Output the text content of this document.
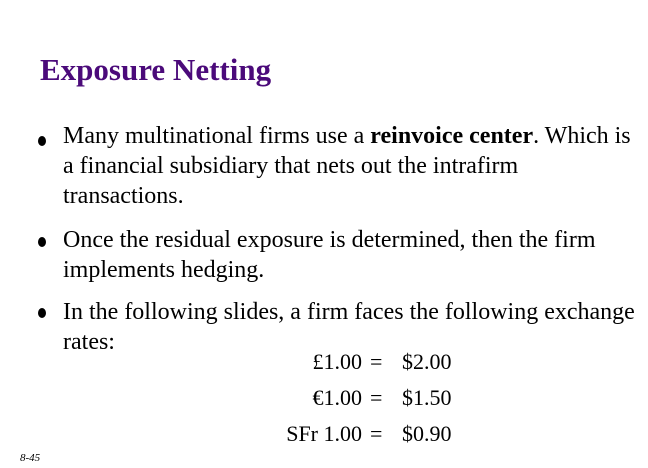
Exposure Netting
Many multinational firms use a reinvoice center. Which is a financial subsidiary that nets out the intrafirm transactions.
Once the residual exposure is determined, then the firm implements hedging.
In the following slides, a firm faces the following exchange rates:
£1.00 = $2.00
€1.00 = $1.50
SFr 1.00 = $0.90
8-45
